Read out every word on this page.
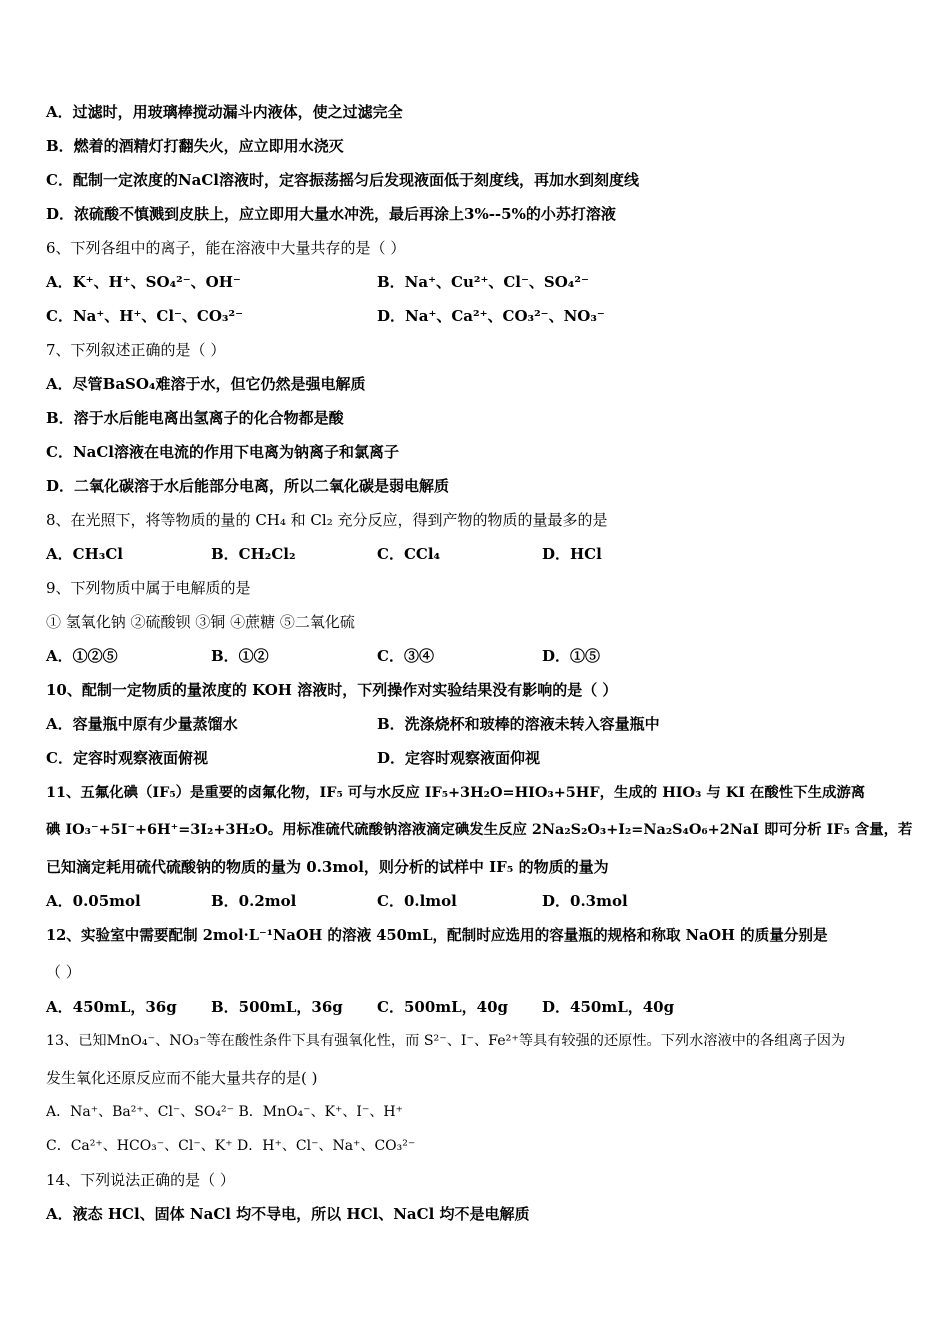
A．过滤时，用玻璃棒搅动漏斗内液体，使之过滤完全
B．燃着的酒精灯打翻失火，应立即用水浇灭
C．配制一定浓度的NaCl溶液时，定容振荡摇匀后发现液面低于刻度线，再加水到刻度线
D．浓硫酸不慎溅到皮肤上，应立即用大量水冲洗，最后再涂上3%--5%的小苏打溶液
6、下列各组中的离子，能在溶液中大量共存的是（ ）
A．K⁺、H⁺、SO₄²⁻、OH⁻	B．Na⁺、Cu²⁺、Cl⁻、SO₄²⁻
C．Na⁺、H⁺、Cl⁻、CO₃²⁻	D．Na⁺、Ca²⁺、CO₃²⁻、NO₃⁻
7、下列叙述正确的是（ ）
A．尽管BaSO₄难溶于水，但它仍然是强电解质
B．溶于水后能电离出氢离子的化合物都是酸
C．NaCl溶液在电流的作用下电离为钠离子和氯离子
D．二氧化碳溶于水后能部分电离，所以二氧化碳是弱电解质
8、在光照下，将等物质的量的 CH₄ 和 Cl₂ 充分反应，得到产物的物质的量最多的是
A．CH₃Cl	B．CH₂Cl₂	C．CCl₄	D．HCl
9、下列物质中属于电解质的是
① 氢氧化钠 ②硫酸钡 ③铜 ④蔗糖 ⑤二氧化硫
A．①②⑤	B．①②	C．③④	D．①⑤
10、配制一定物质的量浓度的 KOH 溶液时，下列操作对实验结果没有影响的是（ ）
A．容量瓶中原有少量蒸馏水	B．洗涤烧杯和玻棒的溶液未转入容量瓶中
C．定容时观察液面俯视	D．定容时观察液面仰视
11、五氟化碘（IF₅）是重要的卤氟化物，IF₅ 可与水反应 IF₅+3H₂O=HIO₃+5HF，生成的 HIO₃ 与 KI 在酸性下生成游离
碘 IO₃⁻+5I⁻+6H⁺=3I₂+3H₂O。用标准硫代硫酸钠溶液滴定碘发生反应 2Na₂S₂O₃+I₂=Na₂S₄O₆+2NaI 即可分析 IF₅ 含量，若
已知滴定耗用硫代硫酸钠的物质的量为 0.3mol，则分析的试样中 IF₅ 的物质的量为
A．0.05mol	B．0.2mol	C．0.lmol	D．0.3mol
12、实验室中需要配制 2mol·L⁻¹NaOH 的溶液 450mL，配制时应选用的容量瓶的规格和称取 NaOH 的质量分别是
（ ）
A．450mL，36g B．500mL，36g C．500mL，40g D．450mL，40g
13、已知MnO₄⁻、NO₃⁻等在酸性条件下具有强氧化性，而 S²⁻、I⁻、Fe²⁺等具有较强的还原性。下列水溶液中的各组离子因为
发生氧化还原反应而不能大量共存的是( )
A．Na⁺、Ba²⁺、Cl⁻、SO₄²⁻ B．MnO₄⁻、K⁺、I⁻、H⁺
C．Ca²⁺、HCO₃⁻、Cl⁻、K⁺ D．H⁺、Cl⁻、Na⁺、CO₃²⁻
14、下列说法正确的是（ ）
A．液态 HCl、固体 NaCl 均不导电，所以 HCl、NaCl 均不是电解质
